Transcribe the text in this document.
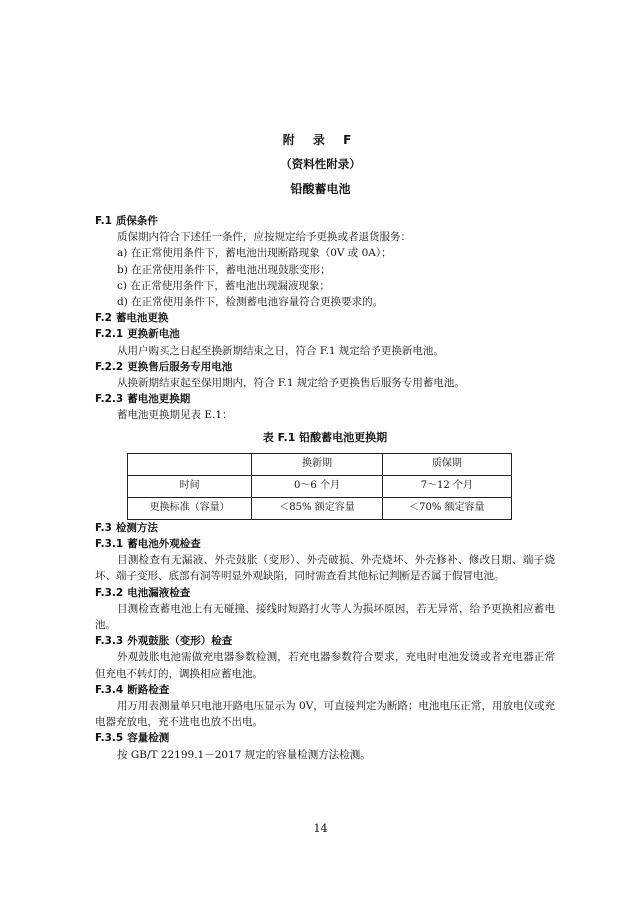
附 录 F
（资料性附录）
铅酸蓄电池
F.1 质保条件
质保期内符合下述任一条件，应按规定给予更换或者退货服务：
a) 在正常使用条件下，蓄电池出现断路现象（0V 或 0A）；
b) 在正常使用条件下，蓄电池出现鼓胀变形；
c) 在正常使用条件下，蓄电池出现漏液现象；
d) 在正常使用条件下，检测蓄电池容量符合更换要求的。
F.2 蓄电池更换
F.2.1 更换新电池
从用户购买之日起至换新期结束之日，符合 F.1 规定给予更换新电池。
F.2.2 更换售后服务专用电池
从换新期结束起至保用期内，符合 F.1 规定给予更换售后服务专用蓄电池。
F.2.3 蓄电池更换期
蓄电池更换期见表 E.1：
表 F.1 铅酸蓄电池更换期
	换新期	质保期
时间	0～6 个月	7～12 个月
更换标准（容量）	＜85% 额定容量	＜70% 额定容量
F.3 检测方法
F.3.1 蓄电池外观检查
目测检查有无漏液、外壳鼓胀（变形）、外壳破损、外壳烧坏、外壳修补、修改日期、端子烧坏、端子变形、底部有洞等明显外观缺陷，同时需查看其他标记判断是否属于假冒电池。
F.3.2 电池漏液检查
目测检查蓄电池上有无碰撞、接线时短路打火等人为损坏原因，若无异常，给予更换相应蓄电池。
F.3.3 外观鼓胀（变形）检查
外观鼓胀电池需做充电器参数检测，若充电器参数符合要求，充电时电池发烫或者充电器正常但充电不转灯的，调换相应蓄电池。
F.3.4 断路检查
用万用表测量单只电池开路电压显示为 0V，可直接判定为断路；电池电压正常，用放电仪或充电器充放电，充不进电也放不出电。
F.3.5 容量检测
按 GB/T 22199.1－2017 规定的容量检测方法检测。
14
